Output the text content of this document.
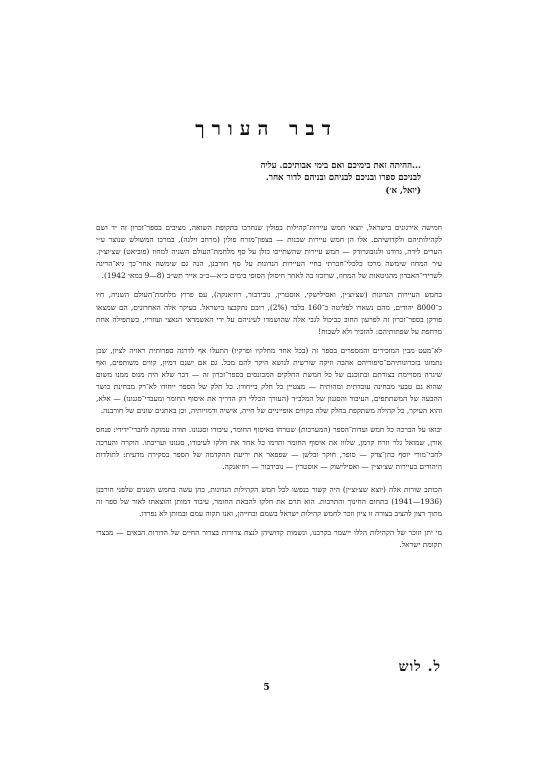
דבר העורך
...ההיתה זאת בימיכם ואם בימי אבותיכם. עליה
לבניכם ספרו ובניכם לבניהם ובניהם לדור אחר.
(יואל, א׳)

חמישה אירגונים בישראל, יוצאי חמש עיירות־קהילות בפולין שנחרבו בתקופת השואה, מציבים בספר־זכרון זה יד ושם לקהילותיהם ולקדושיהם. אלו הן חמש עיירות שכנות — בצפון־מזרח פולין (מרחב וילנה), במרכז המשולש שנוצר ע״י הערים לידה, גרודנו ולנובוגרודק — חמש עיירות שהשתייכו כולן על סף מלחמת־העולם השניה למחוז (פוביאט) שצ׳וצ׳ין. עיר המחוז שימשה מרכז כלכלי־חברתי בחיי העיירות הנדונות על סף חורבנן, הנה גם שימשה אחר־כך גיא־הריגה לשרידי־האבדון מהגיטאות של המחוז, שרוכזו בה לאחר חיסולן הסופי בימים כ״א—כ״ב אייר תש״ב (8—9 במאי 1942).

בחמש העיירות הנדונות (שצ׳וצ׳ין, ואסילישקי, אוסטרין, נובידבור, רוז׳אנקה), עם פרוץ מלחמת־העולם השניה, חיו כ־8000 יהודים, מהם נשארו לפליטה כ־160 בלבד (2%), רובם נתקבצו בישראל. בעיקר אלה האחרונים, הם שמצאו פורקן בספר־זכרון זה לפרעון החוב כביכול לגבי אלה שהושמדו לעיניהם על ידי האשמדאי הנאצי ועוזריו, כשתפילה אחת מרחפת על שפתותיהם: להזכיר ולא לשכוח!

לא־מעט מבין המזכירים והמספרים בספר זה (בכל אחד מחלקיו ופרקיו) התעלו אף לדרגה ספרותית ראויה לציון, שכן נתמזגו בזכרונותיהם־סיפוריהם אהבה וזיקה שורשית לנושא היקר להם מכל. גם אם ישנם דמיון, קווים משותפים, ואף שיגרה מסויימת בצורתם ובתוכנם של כל חמשת החלקים המכונסים בספר־זכרון זה — דבר שלא היה מנוס ממנו משום שהוא גם טבעי מבחינה עובדתית ומהותית — מצטיין כל חלק בייחודו. כל חלק של הספר ייחודו לא־רק מבחינת כושר ההבעה של המשתתפים, העיבוד והסגנון של המלב״ד (העורך הכללי רק הדריך את איסוף החומר ומעבדי־סגנונו) — אלא, והוא העיקר, כל קהילה משתקפת בחלק שלה בקווים אופייניים של חייה, אישיה ודמויותיה, וכן באתגים שונים של חורבנה.

יבואו על הברכה כל חמש ועדות־הספר (המערכות) שטרחו באיסוף החומר, עיבודו וסגנונו. תודה עמוקה לחברי־ידידי: פנחס אורן, שמואל גלר וזרח קרמן, שלווו את איסוף החומר ותרמו כל אחד את חלקו לעיבודו, סגנונו ועריכתו. הוקרה והערכה לחבי־מורי יוסף כהן־צדק — סופר, חוקר ובלשן — שפפאר את יריעת ההקדמה של הספר בסקירה מדעית: לתולדות היהודים בעיירות שצ׳וצ׳ין — ואסילישוק — אוסטרין — נובידבור — רוז׳אנקה.

הכותב שורות אלה (יוצא שצ׳וצ׳ין) היה קשור בנפשו לכל חמש הקהילות הנדונות, בהן עשה בחמש השנים שלפני חורבנן (1936—1941) בתחום החינוך והתרבות. הוא תרם את חלקו להבאת החומר, עיבוד דמותן והוצאתו לאור של ספר זה מתוך רצון להציב בצורה זו ציון וזכר לחמש קהילות ישראל בשמם ובחייהן, ואנו תקוה עמם ובמותן לא נפרדו.

מי יתן וזוכר של הקהילות הללו יישמר בקרבנו, ונשמות קדושיהן לנצח צרורות בצרור החיים של הדורות הבאים — מבצרי תקומת ישראל.

ל. לוש
5
